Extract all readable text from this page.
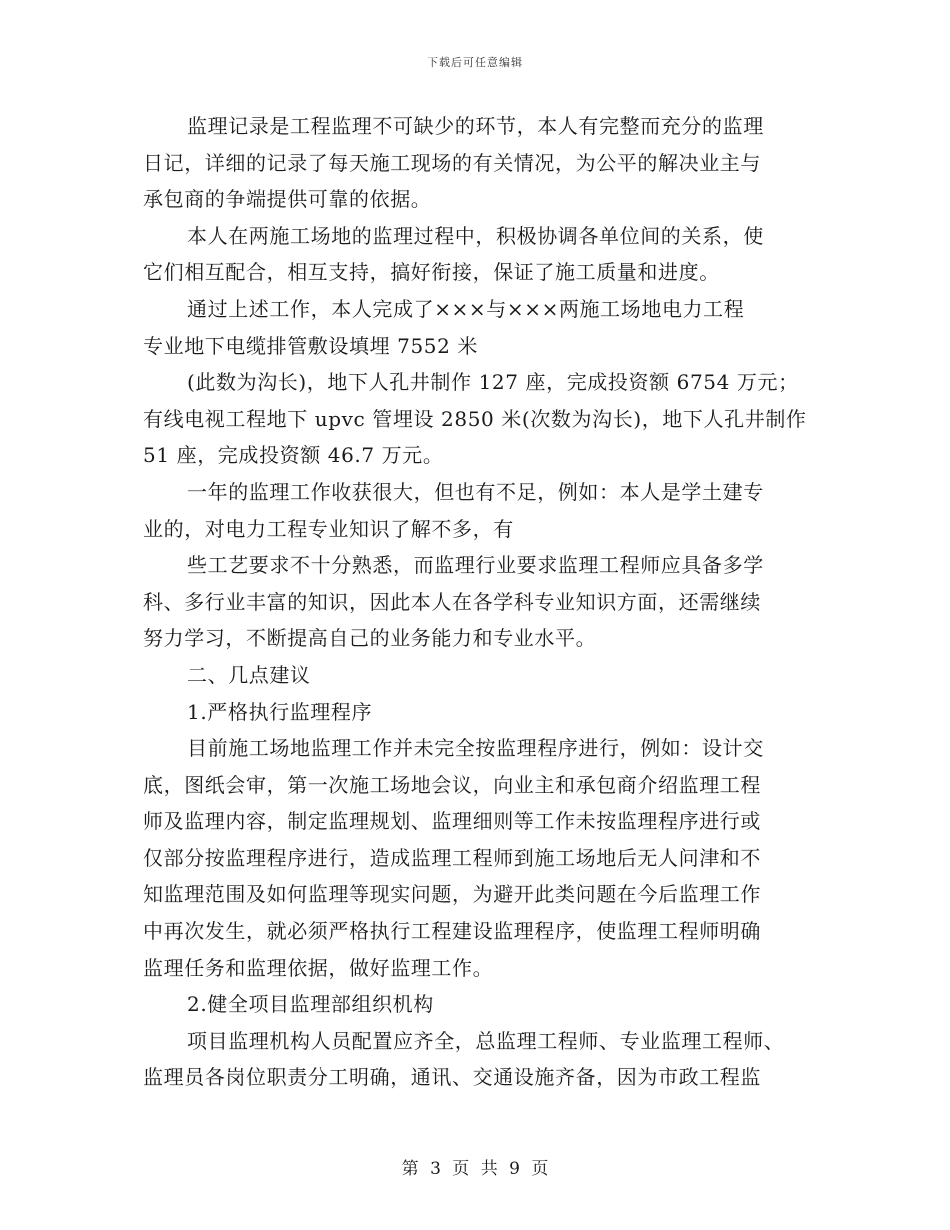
下载后可任意编辑
监理记录是工程监理不可缺少的环节，本人有完整而充分的监理
日记，详细的记录了每天施工现场的有关情况，为公平的解决业主与
承包商的争端提供可靠的依据。
本人在两施工场地的监理过程中，积极协调各单位间的关系，使
它们相互配合，相互支持，搞好衔接，保证了施工质量和进度。
通过上述工作，本人完成了×××与×××两施工场地电力工程
专业地下电缆排管敷设填埋 7552 米
(此数为沟长)，地下人孔井制作 127 座，完成投资额 6754 万元；
有线电视工程地下 upvc 管埋设 2850 米(次数为沟长)，地下人孔井制作
51 座，完成投资额 46.7 万元。
一年的监理工作收获很大，但也有不足，例如：本人是学土建专
业的，对电力工程专业知识了解不多，有
些工艺要求不十分熟悉，而监理行业要求监理工程师应具备多学
科、多行业丰富的知识，因此本人在各学科专业知识方面，还需继续
努力学习，不断提高自己的业务能力和专业水平。
二、几点建议
1.严格执行监理程序
目前施工场地监理工作并未完全按监理程序进行，例如：设计交
底，图纸会审，第一次施工场地会议，向业主和承包商介绍监理工程
师及监理内容，制定监理规划、监理细则等工作未按监理程序进行或
仅部分按监理程序进行，造成监理工程师到施工场地后无人问津和不
知监理范围及如何监理等现实问题，为避开此类问题在今后监理工作
中再次发生，就必须严格执行工程建设监理程序，使监理工程师明确
监理任务和监理依据，做好监理工作。
2.健全项目监理部组织机构
项目监理机构人员配置应齐全，总监理工程师、专业监理工程师、
监理员各岗位职责分工明确，通讯、交通设施齐备，因为市政工程监
第 3 页 共 9 页
